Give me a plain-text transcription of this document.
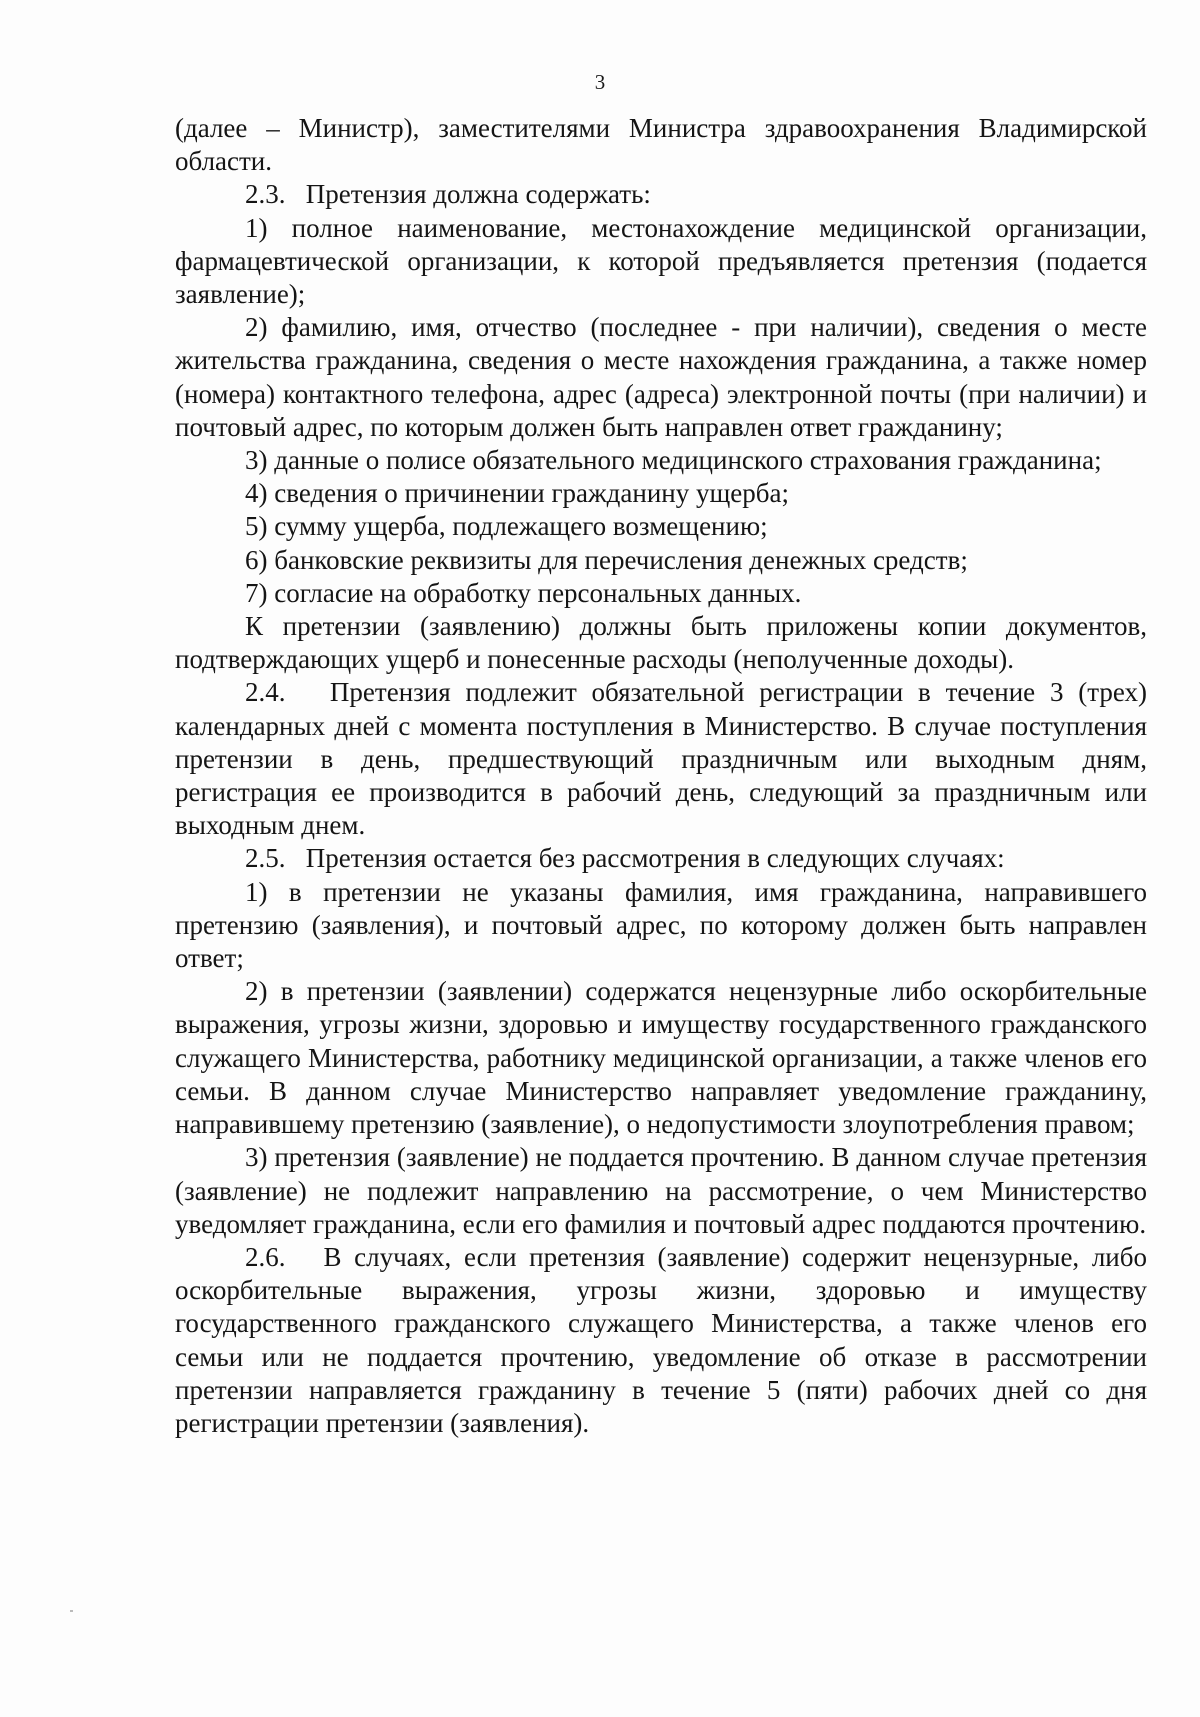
3

(далее – Министр), заместителями Министра здравоохранения Владимирской области.

2.3.   Претензия должна содержать:

1) полное наименование, местонахождение медицинской организации, фармацевтической организации, к которой предъявляется претензия (подается заявление);

2) фамилию, имя, отчество (последнее - при наличии), сведения о месте жительства гражданина, сведения о месте нахождения гражданина, а также номер (номера) контактного телефона, адрес (адреса) электронной почты (при наличии) и почтовый адрес, по которым должен быть направлен ответ гражданину;

3) данные о полисе обязательного медицинского страхования гражданина;

4) сведения о причинении гражданину ущерба;

5) сумму ущерба, подлежащего возмещению;

6) банковские реквизиты для перечисления денежных средств;

7) согласие на обработку персональных данных.

К претензии (заявлению) должны быть приложены копии документов, подтверждающих ущерб и понесенные расходы (неполученные доходы).

2.4.   Претензия подлежит обязательной регистрации в течение 3 (трех) календарных дней с момента поступления в Министерство. В случае поступления претензии в день, предшествующий праздничным или выходным дням, регистрация ее производится в рабочий день, следующий за праздничным или выходным днем.

2.5.   Претензия остается без рассмотрения в следующих случаях:

1) в претензии не указаны фамилия, имя гражданина, направившего претензию (заявления), и почтовый адрес, по которому должен быть направлен ответ;

2) в претензии (заявлении) содержатся нецензурные либо оскорбительные выражения, угрозы жизни, здоровью и имуществу государственного гражданского служащего Министерства, работнику медицинской организации, а также членов его семьи. В данном случае Министерство направляет уведомление гражданину, направившему претензию (заявление), о недопустимости злоупотребления правом;

3) претензия (заявление) не поддается прочтению. В данном случае претензия (заявление) не подлежит направлению на рассмотрение, о чем Министерство уведомляет гражданина, если его фамилия и почтовый адрес поддаются прочтению.

2.6.   В случаях, если претензия (заявление) содержит нецензурные, либо оскорбительные выражения, угрозы жизни, здоровью и имуществу государственного гражданского служащего Министерства, а также членов его семьи или не поддается прочтению, уведомление об отказе в рассмотрении претензии направляется гражданину в течение 5 (пяти) рабочих дней со дня регистрации претензии (заявления).
